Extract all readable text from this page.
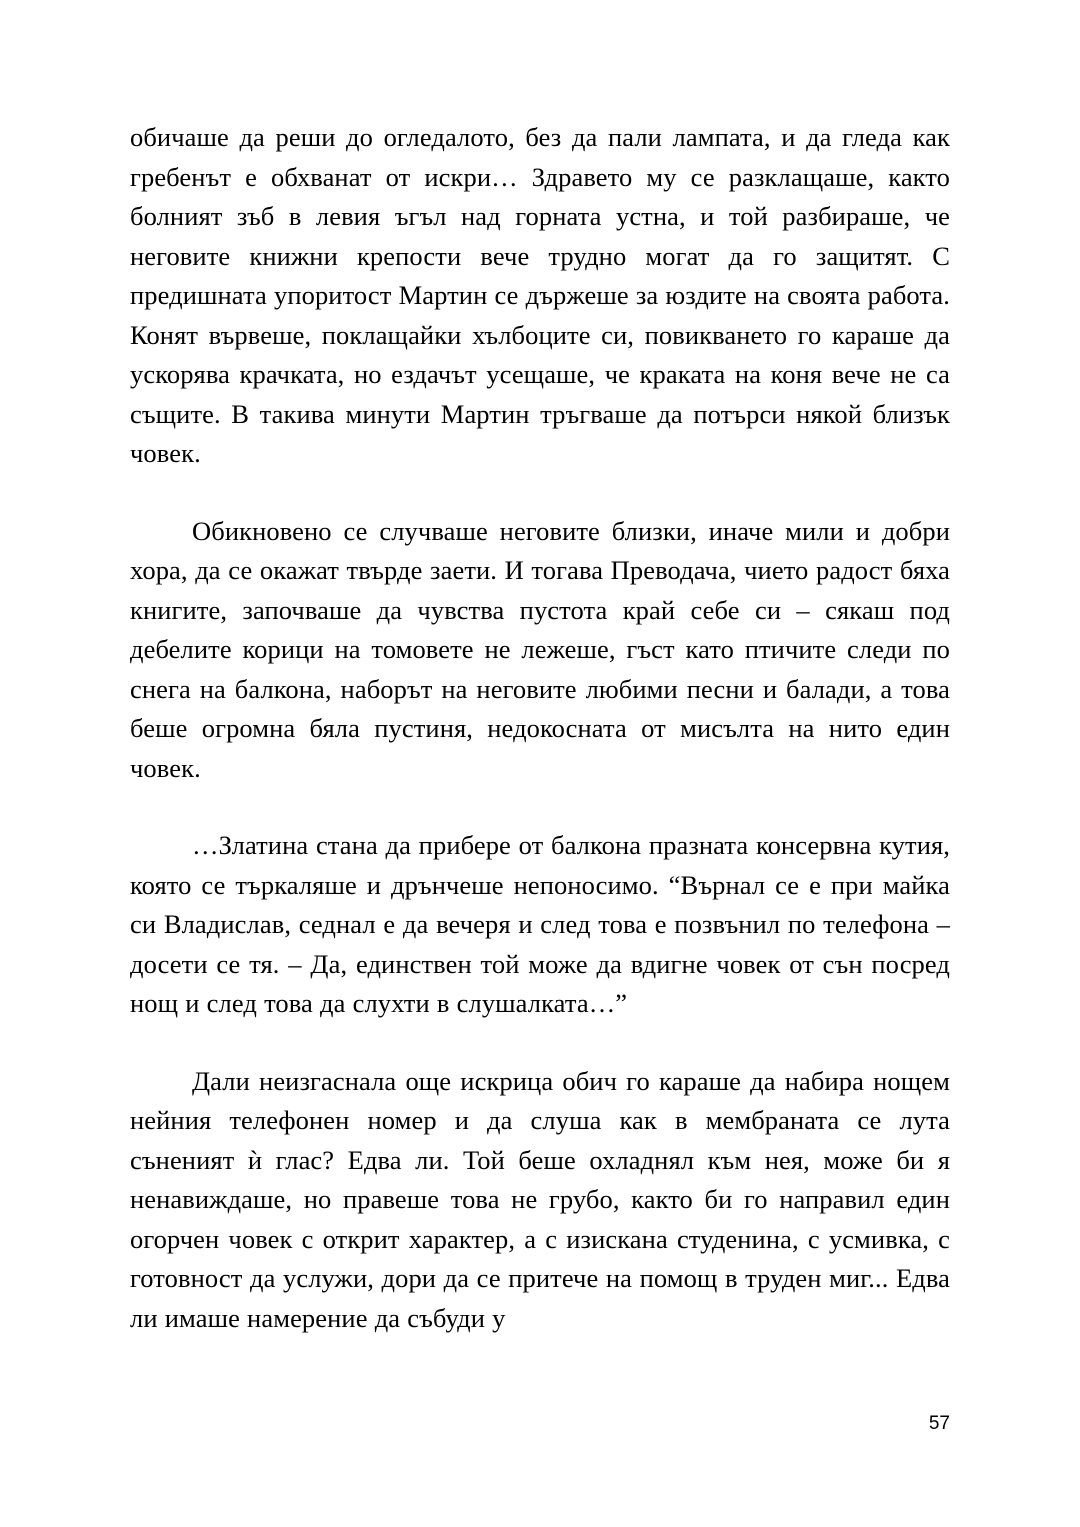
обичаше да реши до огледалото, без да пали лампата, и да гледа как гребенът е обхванат от искри… Здравето му се разклащаше, както болният зъб в левия ъгъл над горната устна, и той разбираше, че неговите книжни крепости вече трудно могат да го защитят. С предишната упоритост Мартин се държеше за юздите на своята работа. Конят вървеше, поклащайки хълбоците си, повикването го караше да ускорява крачката, но ездачът усещаше, че краката на коня вече не са същите. В такива минути Мартин тръгваше да потърси някой близък човек.

Обикновено се случваше неговите близки, иначе мили и добри хора, да се окажат твърде заети. И тогава Преводача, чието радост бяха книгите, започваше да чувства пустота край себе си – сякаш под дебелите корици на томовете не лежеше, гъст като птичите следи по снега на балкона, наборът на неговите любими песни и балади, а това беше огромна бяла пустиня, недокосната от мисълта на нито един човек.

…Златина стана да прибере от балкона празната консервна кутия, която се търкаляше и дрънчеше непоносимо. “Върнал се е при майка си Владислав, седнал е да вечеря и след това е позвънил по телефона – досети се тя. – Да, единствен той може да вдигне човек от сън посред нощ и след това да слухти в слушалката…”

Дали неизгаснала още искрица обич го караше да набира нощем нейния телефонен номер и да слуша как в мембраната се лута сънeният ѝ глас? Едва ли. Той беше охладнял към нея, може би я ненавиждаше, но правеше това не грубо, както би го направил един огорчен човек с открит характер, а с изискана студенина, с усмивка, с готовност да услужи, дори да се притече на помощ в труден миг... Едва ли имаше намерение да събуди у

57
